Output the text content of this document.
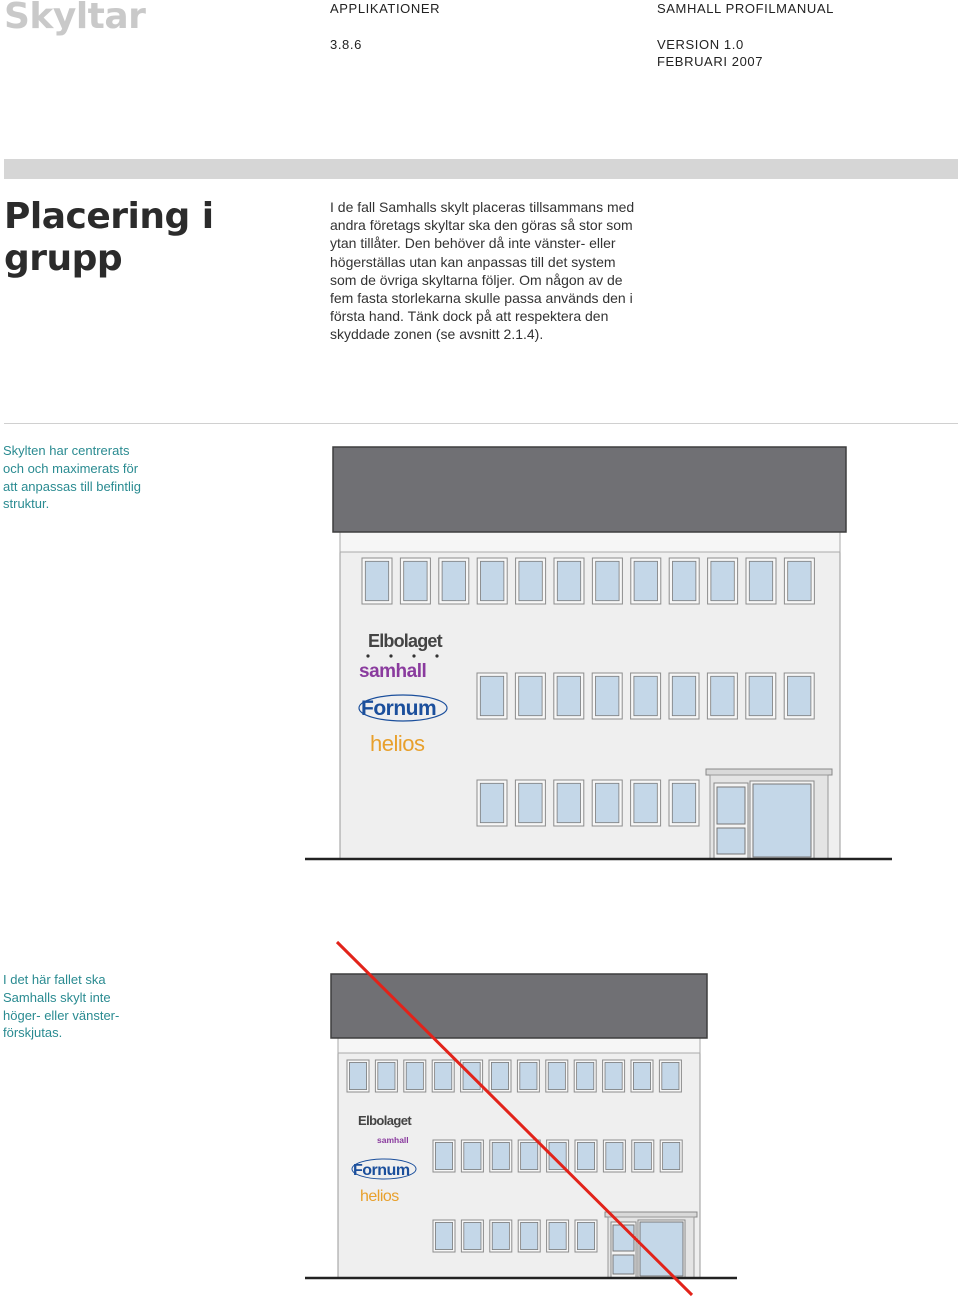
Skyltar	APPLIKATIONER
3.8.6
SAMHALL PROFILMANUAL
VERSION 1.0
FEBRUARI 2007
Placering i grupp
I de fall Samhalls skylt placeras tillsammans med andra företags skyltar ska den göras så stor som ytan tillåter. Den behöver då inte vänster- eller högerställas utan kan anpassas till det system som de övriga skyltarna följer. Om någon av de fem fasta storlekarna skulle passa används den i första hand. Tänk dock på att respektera den skyddade zonen (se avsnitt 2.1.4).
Skylten har centrerats och och maximerats för att anpassas till befintlig struktur.
I det här fallet ska Samhalls skylt inte höger- eller vänster-förskjutas.
Elbolaget
samhall
Fornum
helios
Elbolaget
samhall
Fornum
helios
